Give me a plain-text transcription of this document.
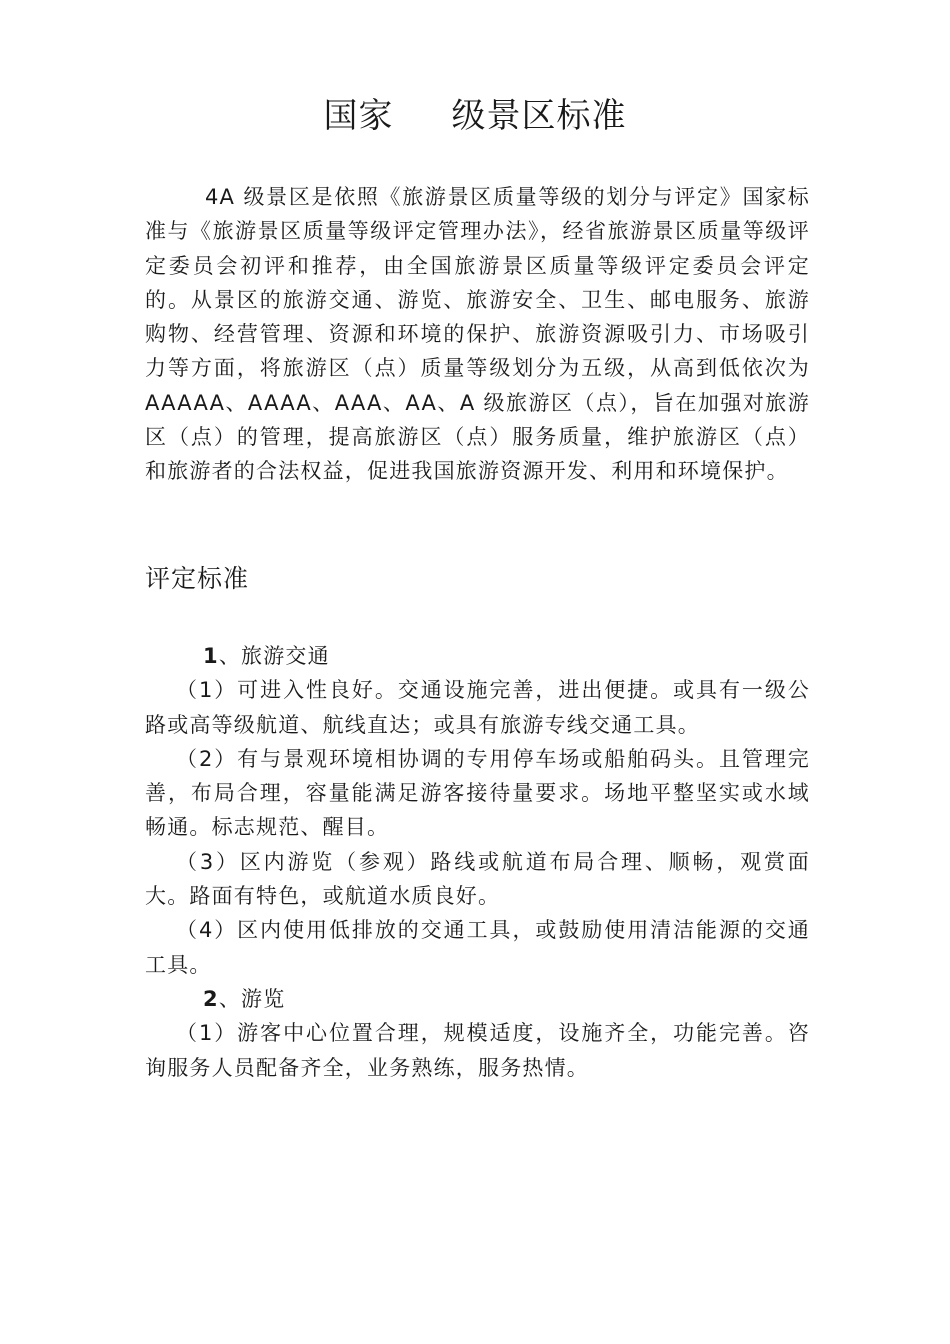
国家 级景区标准

4A 级景区是依照《旅游景区质量等级的划分与评定》国家标准与《旅游景区质量等级评定管理办法》，经省旅游景区质量等级评定委员会初评和推荐，由全国旅游景区质量等级评定委员会评定的。从景区的旅游交通、游览、旅游安全、卫生、邮电服务、旅游购物、经营管理、资源和环境的保护、旅游资源吸引力、市场吸引力等方面，将旅游区（点）质量等级划分为五级，从高到低依次为 AAAAA、AAAA、AAA、AA、A 级旅游区（点），旨在加强对旅游区（点）的管理，提高旅游区（点）服务质量，维护旅游区（点）和旅游者的合法权益，促进我国旅游资源开发、利用和环境保护。

评定标准

1、旅游交通

（1）可进入性良好。交通设施完善，进出便捷。或具有一级公路或高等级航道、航线直达；或具有旅游专线交通工具。

（2）有与景观环境相协调的专用停车场或船舶码头。且管理完善，布局合理，容量能满足游客接待量要求。场地平整坚实或水域畅通。标志规范、醒目。

（3）区内游览（参观）路线或航道布局合理、顺畅，观赏面大。路面有特色，或航道水质良好。

（4）区内使用低排放的交通工具，或鼓励使用清洁能源的交通工具。

2、游览

（1）游客中心位置合理，规模适度，设施齐全，功能完善。咨询服务人员配备齐全，业务熟练，服务热情。
